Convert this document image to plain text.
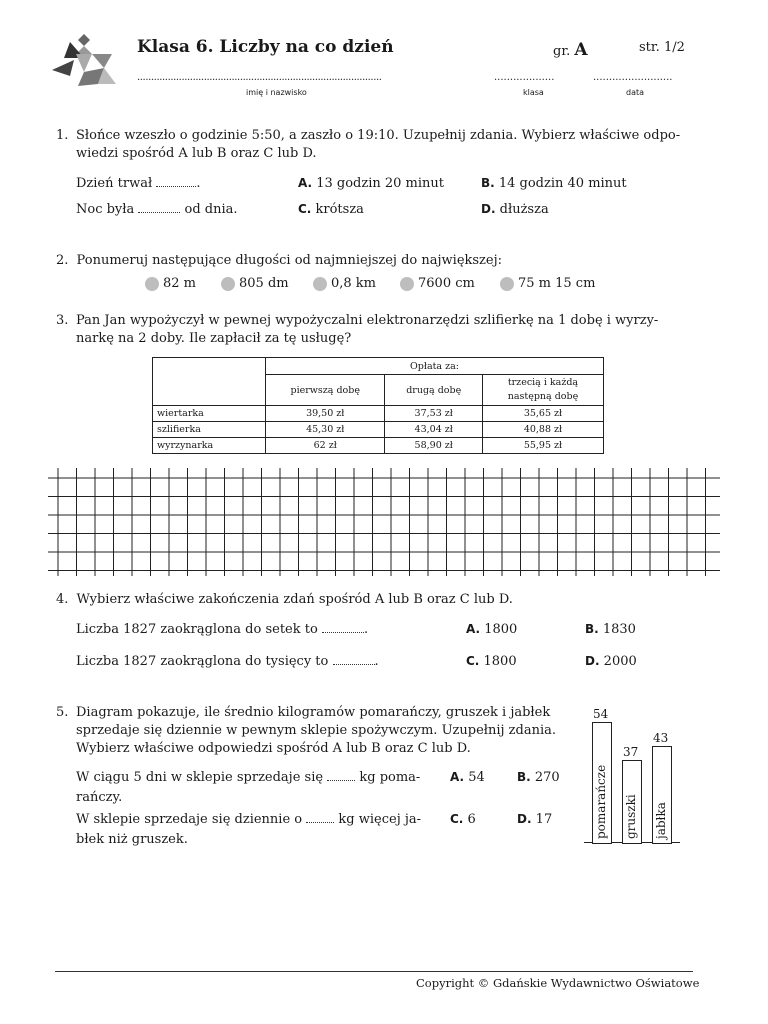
Klasa 6. Liczby na co dzień	gr. A	str. 1/2
........................................................................................	...................	.........................
imię i nazwisko	klasa	data
1. Słońce wzeszło o godzinie 5:50, a zaszło o 19:10. Uzupełnij zdania. Wybierz właściwe odpo-
wiedzi spośród A lub B oraz C lub D.
Dzień trwał	.
Noc była	od dnia.
A. 13 godzin 20 minut	B. 14 godzin 40 minut
C. krótsza	D. dłuższa
2. Ponumeruj następujące długości od najmniejszej do największej:
82 m	805 dm	0,8 km	7600 cm	75 m 15 cm
3. Pan Jan wypożyczył w pewnej wypożyczalni elektronarzędzi szlifierkę na 1 dobę i wyrzy-
narkę na 2 doby. Ile zapłacił za tę usługę?
	Opłata za:		
	pierwszą dobę	drugą dobę	trzecią i każdą
następną dobę

wiertarka	39,50 zł	37,53 zł	35,65 zł
szlifierka	45,30 zł	43,04 zł	40,88 zł
wyrzynarka	62 zł	58,90 zł	55,95 zł
4. Wybierz właściwe zakończenia zdań spośród A lub B oraz C lub D.
Liczba 1827 zaokrąglona do setek to	.
Liczba 1827 zaokrąglona do tysięcy to	.
A. 1800	B. 1830
C. 1800	D. 2000
5. Diagram pokazuje, ile średnio kilogramów pomarańczy, gruszek i jabłek
sprzedaje się dziennie w pewnym sklepie spożywczym. Uzupełnij zdania.
Wybierz właściwe odpowiedzi spośród A lub B oraz C lub D.
W ciągu 5 dni w sklepie sprzedaje się	kg poma-
rańczy.
W sklepie sprzedaje się dziennie o	kg więcej ja-
błek niż gruszek.
A. 54	B. 270
C. 6	D. 17
54
pomarańcze
37
gruszki
43
jabłka
Copyright © Gdańskie Wydawnictwo Oświatowe
